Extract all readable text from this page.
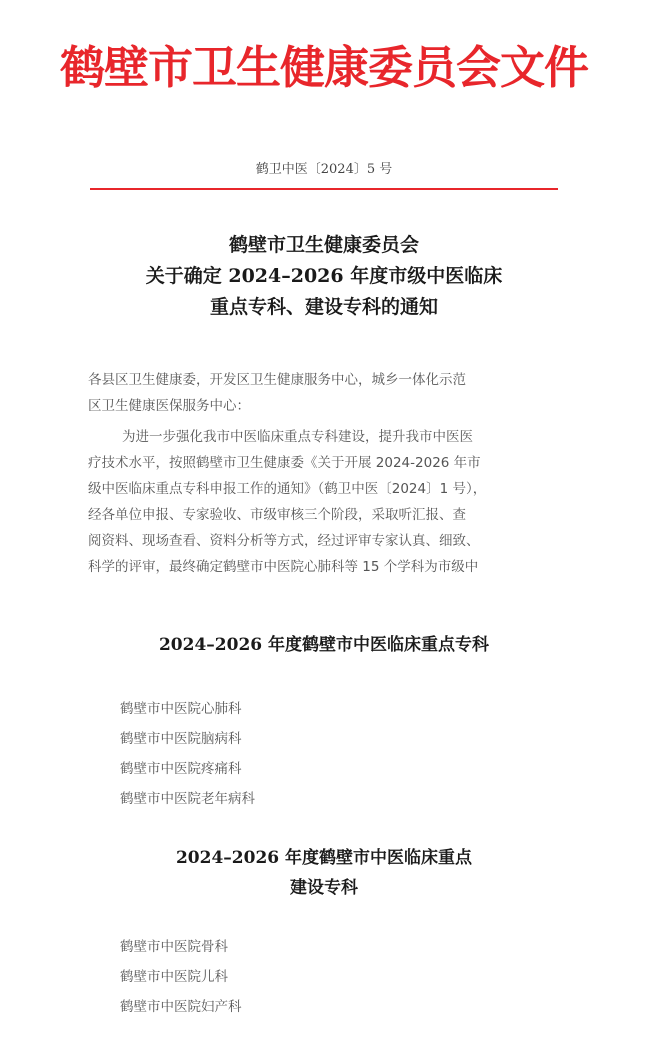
鹤壁市卫生健康委员会文件
鹤卫中医〔2024〕5 号
鹤壁市卫生健康委员会
关于确定 2024–2026 年度市级中医临床
重点专科、建设专科的通知
各县区卫生健康委，开发区卫生健康服务中心，城乡一体化示范
区卫生健康医保服务中心：
为进一步强化我市中医临床重点专科建设，提升我市中医医
疗技术水平，按照鹤壁市卫生健康委《关于开展 2024-2026 年市
级中医临床重点专科申报工作的通知》（鹤卫中医〔2024〕1 号），
经各单位申报、专家验收、市级审核三个阶段，采取听汇报、查
阅资料、现场查看、资料分析等方式，经过评审专家认真、细致、
科学的评审，最终确定鹤壁市中医院心肺科等 15 个学科为市级中
2024–2026 年度鹤壁市中医临床重点专科
鹤壁市中医院心肺科
鹤壁市中医院脑病科
鹤壁市中医院疼痛科
鹤壁市中医院老年病科
2024–2026 年度鹤壁市中医临床重点
建设专科
鹤壁市中医院骨科
鹤壁市中医院儿科
鹤壁市中医院妇产科
